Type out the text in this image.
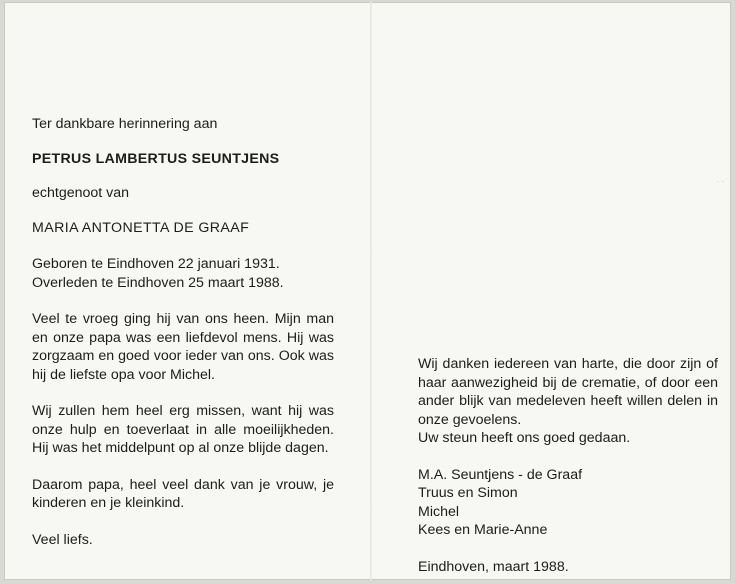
˙ ˙

Ter dankbare herinnering aan

PETRUS LAMBERTUS SEUNTJENS

echtgenoot van

MARIA ANTONETTA DE GRAAF

Geboren te Eindhoven 22 januari 1931.

Overleden te Eindhoven 25 maart 1988.

Veel te vroeg ging hij van ons heen. Mijn man en onze papa was een liefdevol mens. Hij was zorgzaam en goed voor ieder van ons. Ook was hij de liefste opa voor Michel.

Wij zullen hem heel erg missen, want hij was onze hulp en toeverlaat in alle moeilijkheden. Hij was het middelpunt op al onze blijde dagen.

Daarom papa, heel veel dank van je vrouw, je kinderen en je kleinkind.

Veel liefs.

Wij danken iedereen van harte, die door zijn of haar aanwezigheid bij de crematie, of door een ander blijk van medeleven heeft willen delen in onze gevoelens.

Uw steun heeft ons goed gedaan.

M.A. Seuntjens - de Graaf

Truus en Simon

Michel

Kees en Marie-Anne

Eindhoven, maart 1988.
